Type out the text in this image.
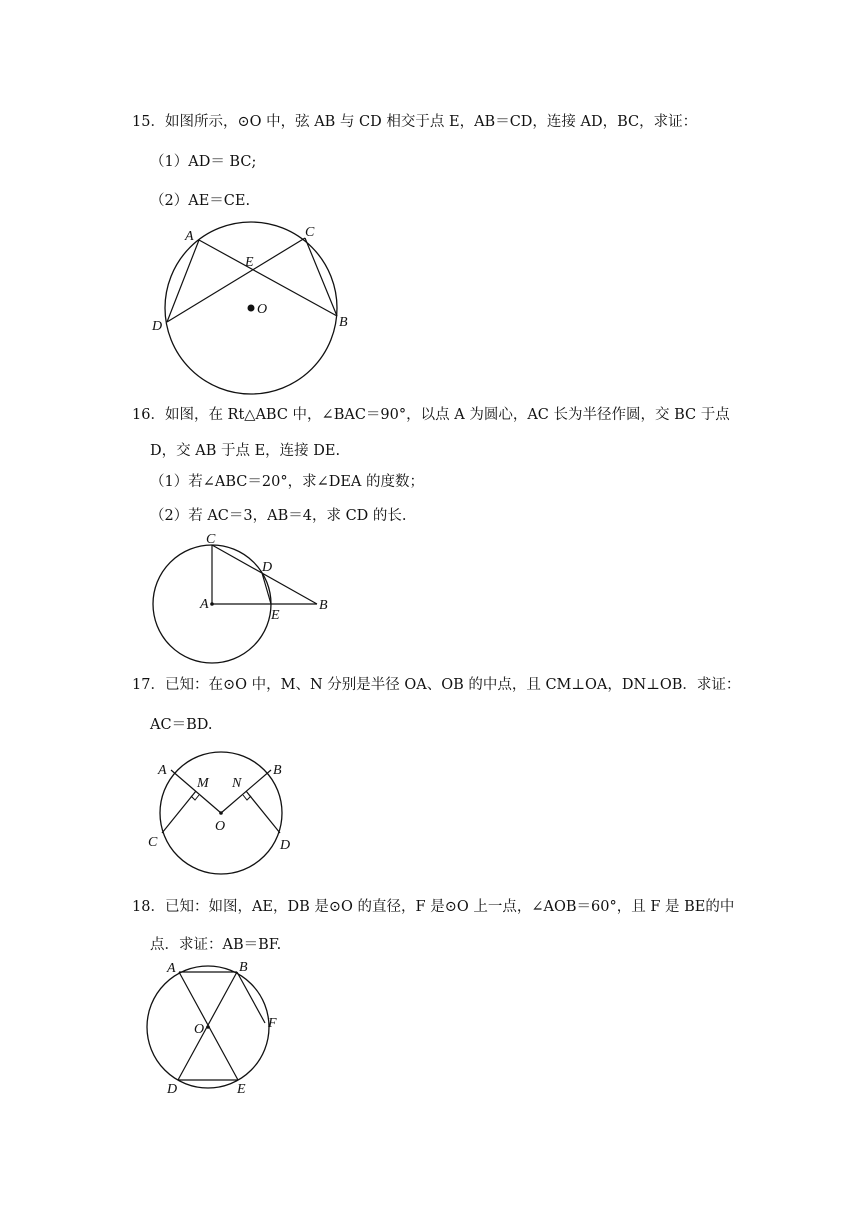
15．如图所示，⊙O 中，弦 AB 与 CD 相交于点 E，AB＝CD，连接 AD，BC，求证：
（1）AD＝ BC;
（2）AE＝CE.
A	C
E
O
D	B
16．如图，在 Rt△ABC 中，∠BAC＝90°，以点 A 为圆心，AC 长为半径作圆，交 BC 于点
D，交 AB 于点 E，连接 DE.
（1）若∠ABC＝20°，求∠DEA 的度数；
（2）若 AC＝3，AB＝4，求 CD 的长.
C
D
A
E
B
17．已知：在⊙O 中，M、N 分别是半径 OA、OB 的中点，且 CM⊥OA，DN⊥OB．求证：
AC＝BD.
A	B
M N
O
C	D
18．已知：如图，AE，DB 是⊙O 的直径，F 是⊙O 上一点，∠AOB＝60°，且 F 是 BE的中
点．求证：AB＝BF.
A	B
O	F
D	E
